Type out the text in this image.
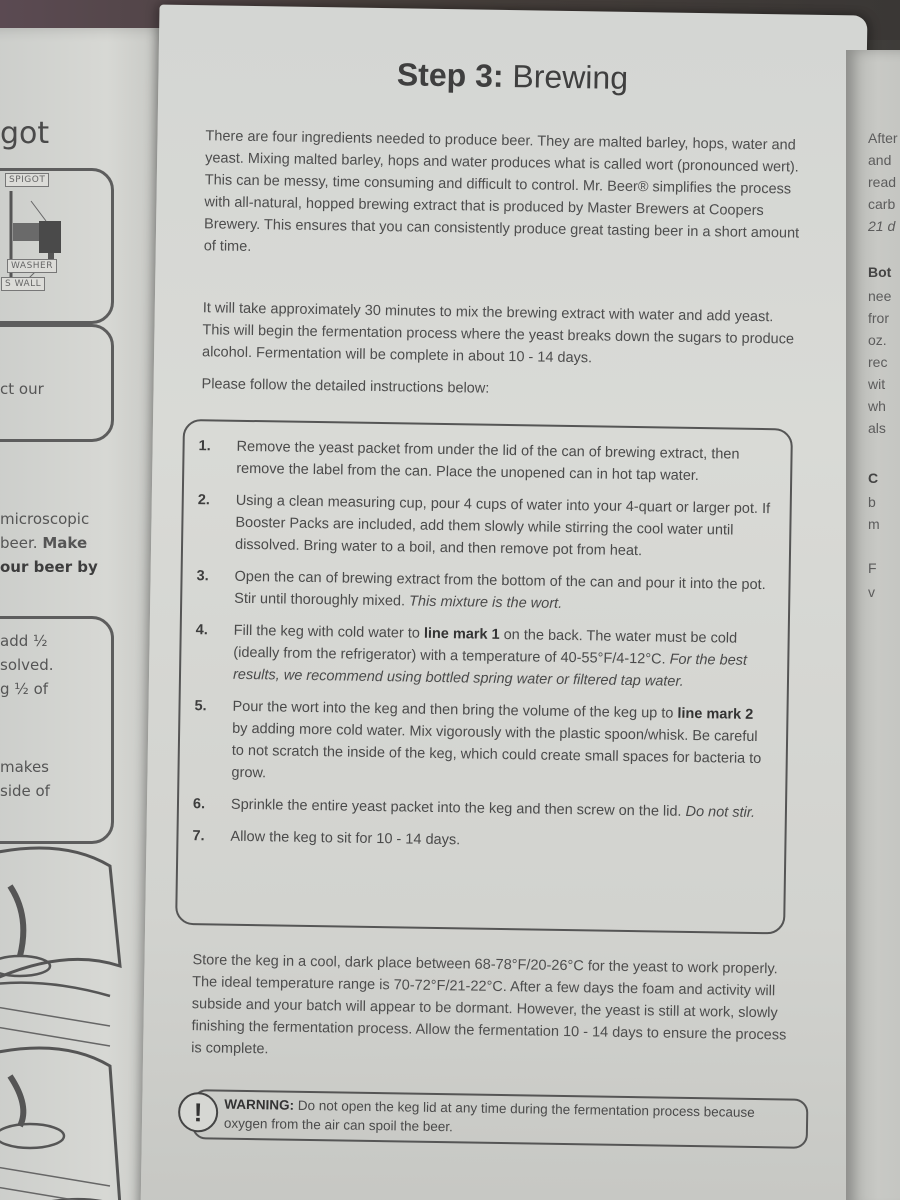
got
SPIGOT
WASHER
S WALL
ct our
microscopic
beer. Make
our beer by
add ½
solved.
g ½ of
makes
side of
Step 3: Brewing

There are four ingredients needed to produce beer. They are malted barley, hops, water and yeast. Mixing malted barley, hops and water produces what is called wort (pronounced wert). This can be messy, time consuming and difficult to control. Mr. Beer® simplifies the process with all-natural, hopped brewing extract that is produced by Master Brewers at Coopers Brewery. This ensures that you can consistently produce great tasting beer in a short amount of time.

It will take approximately 30 minutes to mix the brewing extract with water and add yeast. This will begin the fermentation process where the yeast breaks down the sugars to produce alcohol. Fermentation will be complete in about 10 - 14 days.

Please follow the detailed instructions below:

1. Remove the yeast packet from under the lid of the can of brewing extract, then remove the label from the can. Place the unopened can in hot tap water.
2. Using a clean measuring cup, pour 4 cups of water into your 4-quart or larger pot. If Booster Packs are included, add them slowly while stirring the cool water until dissolved. Bring water to a boil, and then remove pot from heat.
3. Open the can of brewing extract from the bottom of the can and pour it into the pot. Stir until thoroughly mixed. This mixture is the wort.
4. Fill the keg with cold water to line mark 1 on the back. The water must be cold (ideally from the refrigerator) with a temperature of 40-55°F/4-12°C. For the best results, we recommend using bottled spring water or filtered tap water.
5. Pour the wort into the keg and then bring the volume of the keg up to line mark 2 by adding more cold water. Mix vigorously with the plastic spoon/whisk. Be careful to not scratch the inside of the keg, which could create small spaces for bacteria to grow.
6. Sprinkle the entire yeast packet into the keg and then screw on the lid. Do not stir.
7. Allow the keg to sit for 10 - 14 days.

Store the keg in a cool, dark place between 68-78°F/20-26°C for the yeast to work properly. The ideal temperature range is 70-72°F/21-22°C. After a few days the foam and activity will subside and your batch will appear to be dormant. However, the yeast is still at work, slowly finishing the fermentation process. Allow the fermentation 10 - 14 days to ensure the process is complete.

!	WARNING: Do not open the keg lid at any time during the fermentation process because oxygen from the air can spoil the beer.
After
and
read
carb
21 d
Bot
nee
fror
oz.
rec
wit
wh
als
C
b
m
F
v
